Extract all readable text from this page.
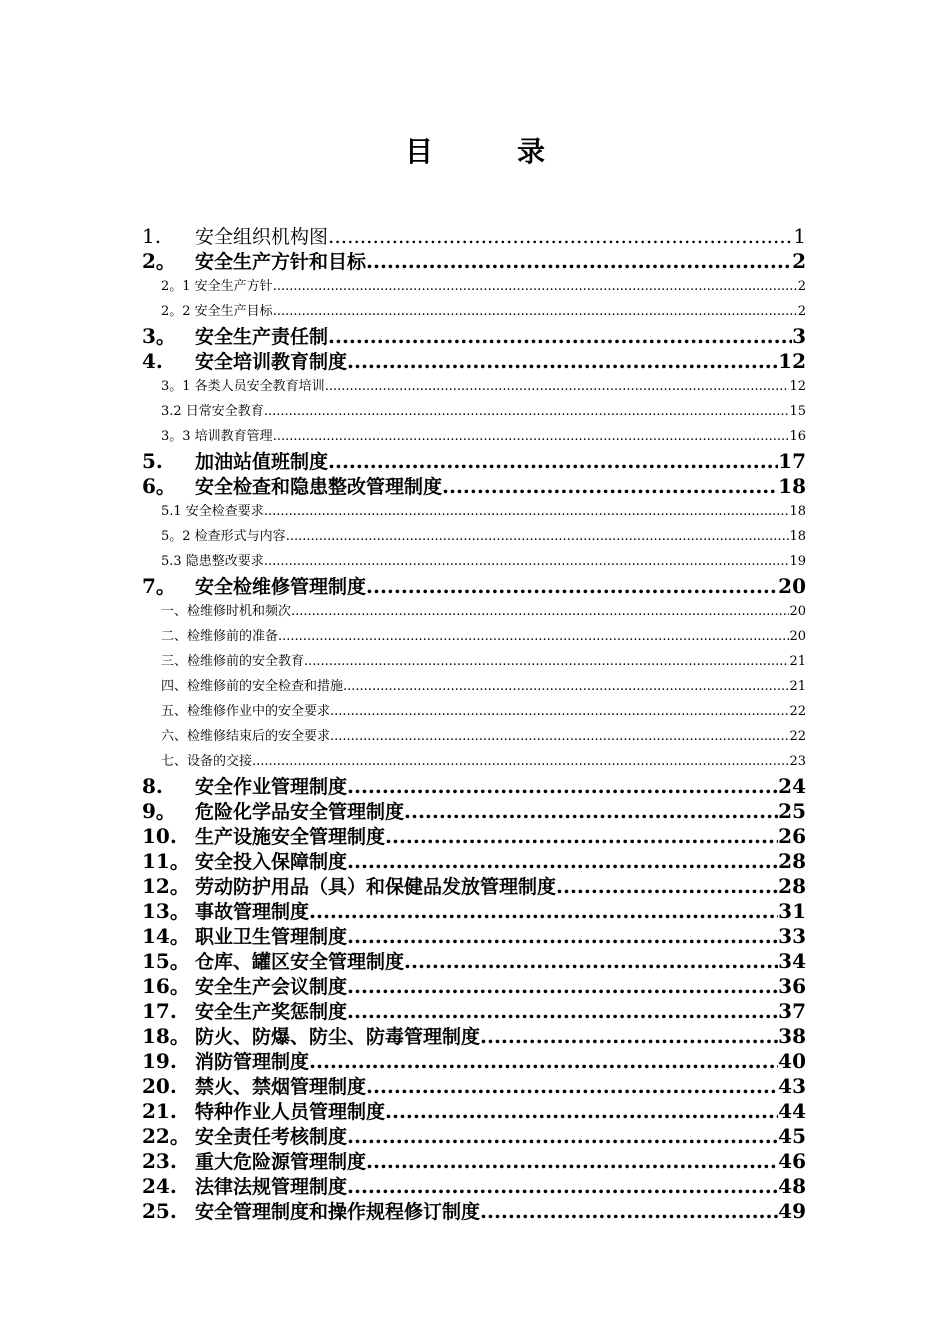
目　录
1.	安全组织机构图 .....	1
2。	安全生产方针和目标 .....	2
2。1 安全生产方针 .....	2
2。2 安全生产目标 .....	2
3。	安全生产责任制 .....	3
4.	安全培训教育制度 .....	12
3。1 各类人员安全教育培训 .....	12
3.2 日常安全教育 .....	15
3。3 培训教育管理 .....	16
5.	加油站值班制度 .....	17
6。	安全检查和隐患整改管理制度 .....	18
5.1 安全检查要求 .....	18
5。2 检查形式与内容 .....	18
5.3 隐患整改要求 .....	19
7。	安全检维修管理制度 .....	20
一、检维修时机和频次 .....	20
二、检维修前的准备 .....	20
三、检维修前的安全教育 .....	21
四、检维修前的安全检查和措施 .....	21
五、检维修作业中的安全要求 .....	22
六、检维修结束后的安全要求 .....	22
七、设备的交接 .....	23
8.	安全作业管理制度 .....	24
9。	危险化学品安全管理制度 .....	25
10. 生产设施安全管理制度 .....	26
11。 安全投入保障制度 .....	28
12。 劳动防护用品（具）和保健品发放管理制度 .....	28
13。 事故管理制度 .....	31
14。 职业卫生管理制度 .....	33
15。 仓库、罐区安全管理制度 .....	34
16。 安全生产会议制度 .....	36
17. 安全生产奖惩制度 .....	37
18。 防火、防爆、防尘、防毒管理制度 .....	38
19. 消防管理制度 .....	40
20. 禁火、禁烟管理制度 .....	43
21. 特种作业人员管理制度 .....	44
22。 安全责任考核制度 .....	45
23. 重大危险源管理制度 .....	46
24. 法律法规管理制度 .....	48
25. 安全管理制度和操作规程修订制度 .....	49
